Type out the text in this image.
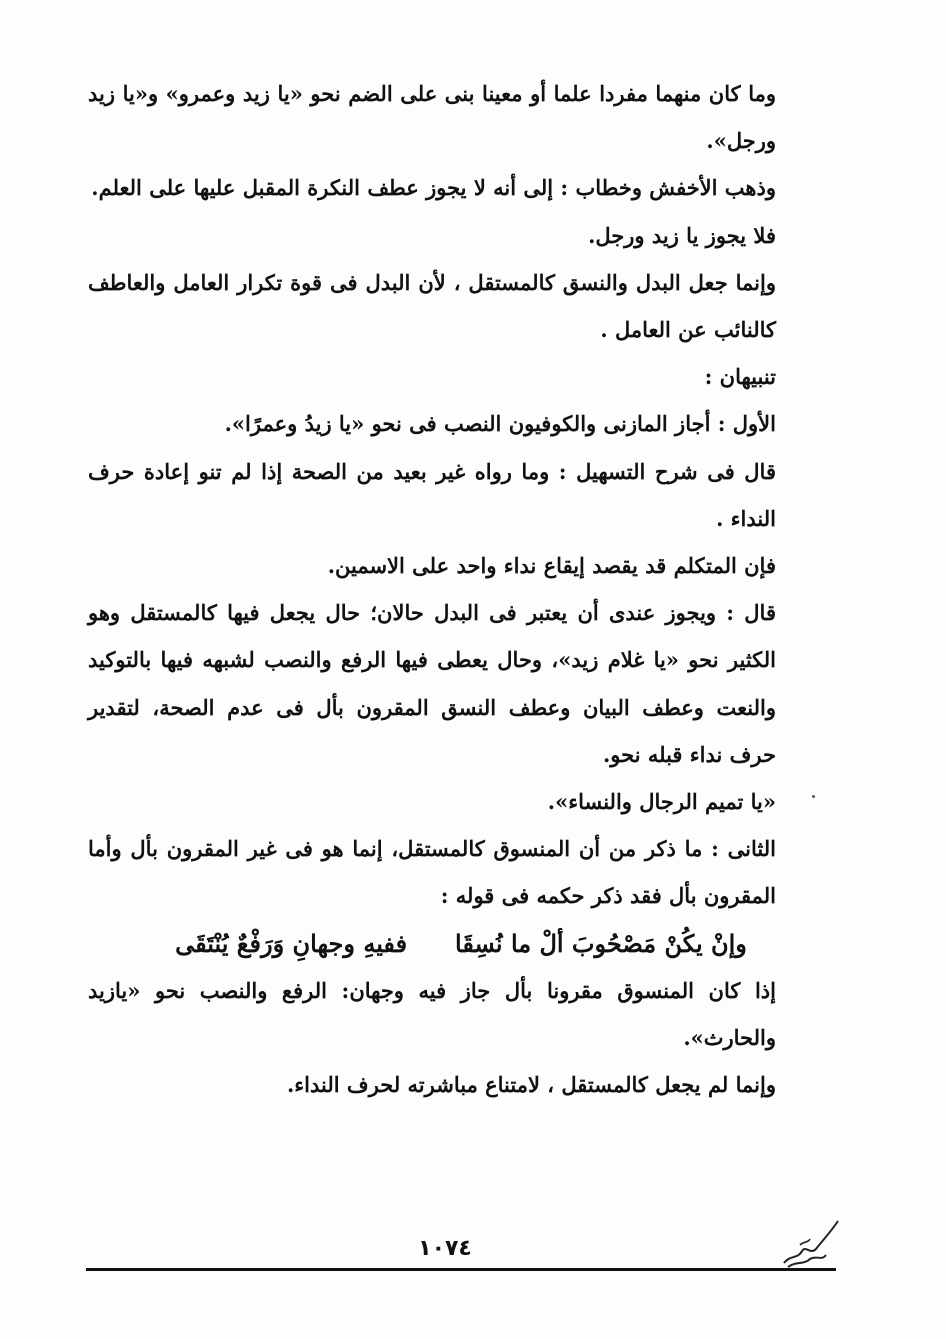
وما كان منهما مفردا علما أو معينا بنى على الضم نحو «يا زيد وعمرو» و«يا زيد ورجل».

وذهب الأخفش وخطاب : إلى أنه لا يجوز عطف النكرة المقبل عليها على العلم.

فلا يجوز يا زيد ورجل.

وإنما جعل البدل والنسق كالمستقل ، لأن البدل فى قوة تكرار العامل والعاطف كالنائب عن العامل .

تنبيهان :

الأول : أجاز المازنى والكوفيون النصب فى نحو «يا زيدُ وعمرًا».

قال فى شرح التسهيل : وما رواه غير بعيد من الصحة إذا لم تنو إعادة حرف النداء .

فإن المتكلم قد يقصد إيقاع نداء واحد على الاسمين.

قال : ويجوز عندى أن يعتبر فى البدل حالان؛ حال يجعل فيها كالمستقل وهو الكثير نحو «يا غلام زيد»، وحال يعطى فيها الرفع والنصب لشبهه فيها بالتوكيد والنعت وعطف البيان وعطف النسق المقرون بأل فى عدم الصحة، لتقدير حرف نداء قبله نحو.

«يا تميم الرجال والنساء».

الثانى : ما ذكر من أن المنسوق كالمستقل، إنما هو فى غير المقرون بأل وأما المقرون بأل فقد ذكر حكمه فى قوله :

وإنْ يكُنْ مَصْحُوبَ ألْ ما نُسِقَاففيهِ وجهانِ وَرَفْعٌ يُنْتَقَى

إذا كان المنسوق مقرونا بأل جاز فيه وجهان: الرفع والنصب نحو «يازيد والحارث».

وإنما لم يجعل كالمستقل ، لامتناع مباشرته لحرف النداء.

١٠٧٤
